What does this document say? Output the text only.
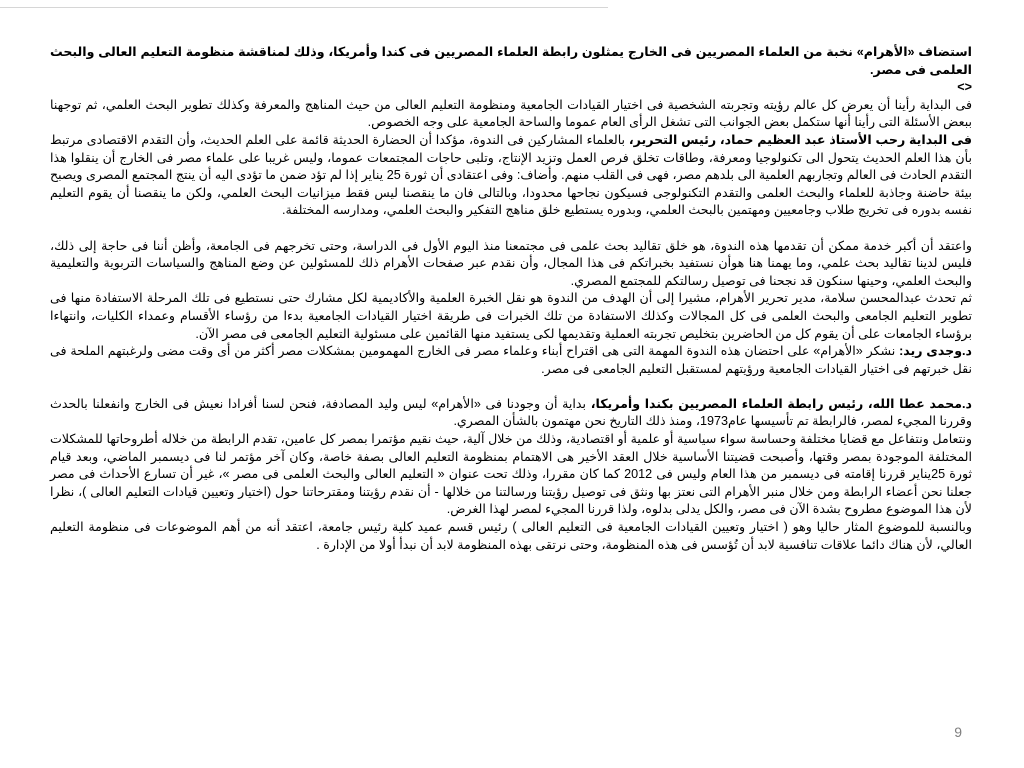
استضاف «الأهرام» نخبة من العلماء المصريين فى الخارج يمثلون رابطة العلماء المصريين فى كندا وأمريكا، وذلك لمناقشة منظومة التعليم العالى والبحث العلمى فى مصر.

<>

فى البداية رأينا أن يعرض كل عالم رؤيته وتجربته الشخصية فى اختيار القيادات الجامعية ومنظومة التعليم العالى من حيث المناهج والمعرفة وكذلك تطوير البحث العلمي، ثم توجهنا ببعض الأسئلة التى رأينا أنها ستكمل بعض الجوانب التى تشغل الرأى العام عموما والساحة الجامعية على وجه الخصوص.

فى البداية رحب الأستاذ عبد العظيم حماد، رئيس التحرير، بالعلماء المشاركين فى الندوة، مؤكدا أن الحضارة الحديثة قائمة على العلم الحديث، وأن التقدم الاقتصادى مرتبط بأن هذا العلم الحديث يتحول الى تكنولوجيا ومعرفة، وطاقات تخلق فرص العمل وتزيد الإنتاج، وتلبى حاجات المجتمعات عموما، وليس غريبا على علماء مصر فى الخارج أن ينقلوا هذا التقدم الحادث فى العالم وتجاربهم العلمية الى بلدهم مصر، فهى فى القلب منهم. وأضاف: وفى اعتقادى أن ثورة 25 يناير إذا لم تؤد ضمن ما تؤدى اليه أن ينتج المجتمع المصرى ويصبح بيئة حاضنة وجاذبة للعلماء والبحث العلمى والتقدم التكنولوجى فسيكون نجاحها محدودا، وبالتالى فان ما ينقصنا ليس فقط ميزانيات البحث العلمي، ولكن ما ينقصنا أن يقوم التعليم نفسه بدوره فى تخريج طلاب وجامعيين ومهتمين بالبحث العلمي، وبدوره يستطيع خلق مناهج التفكير والبحث العلمي، ومدارسه المختلفة.

واعتقد أن أكبر خدمة ممكن أن تقدمها هذه الندوة، هو خلق تقاليد بحث علمى فى مجتمعنا منذ اليوم الأول فى الدراسة، وحتى تخرجهم فى الجامعة، وأظن أننا فى حاجة إلى ذلك، فليس لدينا تقاليد بحث علمي، وما يهمنا هنا هوأن نستفيد بخبراتكم فى هذا المجال، وأن نقدم عبر صفحات الأهرام ذلك للمسئولين عن وضع المناهج والسياسات التربوية والتعليمية والبحث العلمي، وحينها سنكون قد نجحنا فى توصيل رسالتكم للمجتمع المصري.

ثم تحدث عبدالمحسن سلامة، مدير تحرير الأهرام، مشيرا إلى أن الهدف من الندوة هو نقل الخبرة العلمية والأكاديمية لكل مشارك حتى نستطيع فى تلك المرحلة الاستفادة منها فى تطوير التعليم الجامعى والبحث العلمى فى كل المجالات وكذلك الاستفادة من تلك الخبرات فى طريقة اختيار القيادات الجامعية بدءا من رؤساء الأقسام وعمداء الكليات، وانتهاءا برؤساء الجامعات على أن يقوم كل من الحاضرين بتخليص تجربته العملية وتقديمها لكى يستفيد منها القائمين على مسئولية التعليم الجامعى فى مصر الآن.

د.وجدى ريد: نشكر «الأهرام» على احتضان هذه الندوة المهمة التى هى اقتراح أبناء وعلماء مصر فى الخارج المهمومين بمشكلات مصر أكثر من أى وقت مضى ولرغبتهم الملحة فى نقل خبرتهم فى اختيار القيادات الجامعية ورؤيتهم لمستقبل التعليم الجامعى فى مصر.

د.محمد عطا الله، رئيس رابطة العلماء المصريين بكندا وأمريكا، بداية أن وجودنا فى «الأهرام» ليس وليد المصادفة، فنحن لسنا أفرادا نعيش فى الخارج وانفعلنا بالحدث وقررنا المجيء لمصر، فالرابطة تم تأسيسها عام1973، ومنذ ذلك التاريخ نحن مهتمون بالشأن المصري.

ونتعامل ونتفاعل مع قضايا مختلفة وحساسة سواء سياسية أو علمية أو اقتصادية، وذلك من خلال آلية، حيث نقيم مؤتمرا بمصر كل عامين، تقدم الرابطة من خلاله أطروحاتها للمشكلات المختلفة الموجودة بمصر وقتها، وأصبحت قضيتنا الأساسية خلال العقد الأخير هى الاهتمام بمنظومة التعليم العالى بصفة خاصة، وكان آخر مؤتمر لنا فى ديسمبر الماضي، وبعد قيام ثورة 25يناير قررنا إقامته فى ديسمبر من هذا العام وليس فى 2012 كما كان مقررا، وذلك تحت عنوان « التعليم العالى والبحث العلمى فى مصر »، غير أن تسارع الأحداث فى مصر جعلنا نحن أعضاء الرابطة ومن خلال منبر الأهرام التى نعتز بها ونثق فى توصيل رؤيتنا ورسالتنا من خلالها - أن نقدم رؤيتنا ومقترحاتنا حول (اختيار وتعيين قيادات التعليم العالى )، نظرا لأن هذا الموضوع مطروح بشدة الآن فى مصر، والكل يدلى بدلوه، ولذا قررنا المجيء لمصر لهذا الغرض.

وبالنسبة للموضوع المثار حاليا وهو ( اختيار وتعيين القيادات الجامعية فى التعليم العالى ) رئيس قسم عميد كلية رئيس جامعة، اعتقد أنه من أهم الموضوعات فى منظومة التعليم العالي، لأن هناك دائما علاقات تنافسية لابد أن تُؤسس فى هذه المنظومة، وحتى نرتقى بهذه المنظومة لابد أن نبدأ أولا من الإدارة .

9
